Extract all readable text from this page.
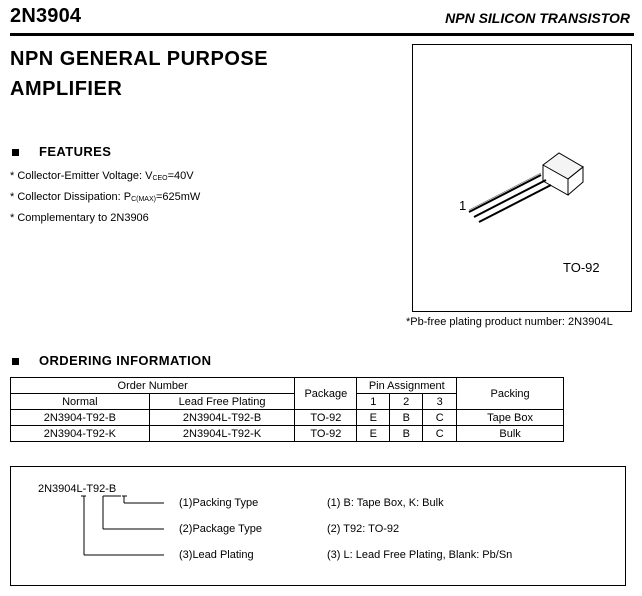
2N3904	NPN SILICON TRANSISTOR
NPN GENERAL PURPOSE
AMPLIFIER
FEATURES
* Collector-Emitter Voltage: $V_{CEO}=40V$
* Collector Dissipation: $P_{C(MAX)}=625mW$
* Complementary to 2N3906
1
TO-92
*Pb-free plating product number: 2N3904L
ORDERING INFORMATION
Order Number		Package	Pin Assignment			Packing
Normal	Lead Free Plating		1	2	3	
2N3904-T92-B	2N3904L-T92-B	TO-92	E	B	C	Tape Box
2N3904-T92-K	2N3904L-T92-K	TO-92	E	B	C	Bulk
2N3904L-T92-B
(1)Packing Type
(2)Package Type
(3)Lead Plating
(1) B: Tape Box, K: Bulk
(2) T92: TO-92
(3) L: Lead Free Plating, Blank: Pb/Sn
